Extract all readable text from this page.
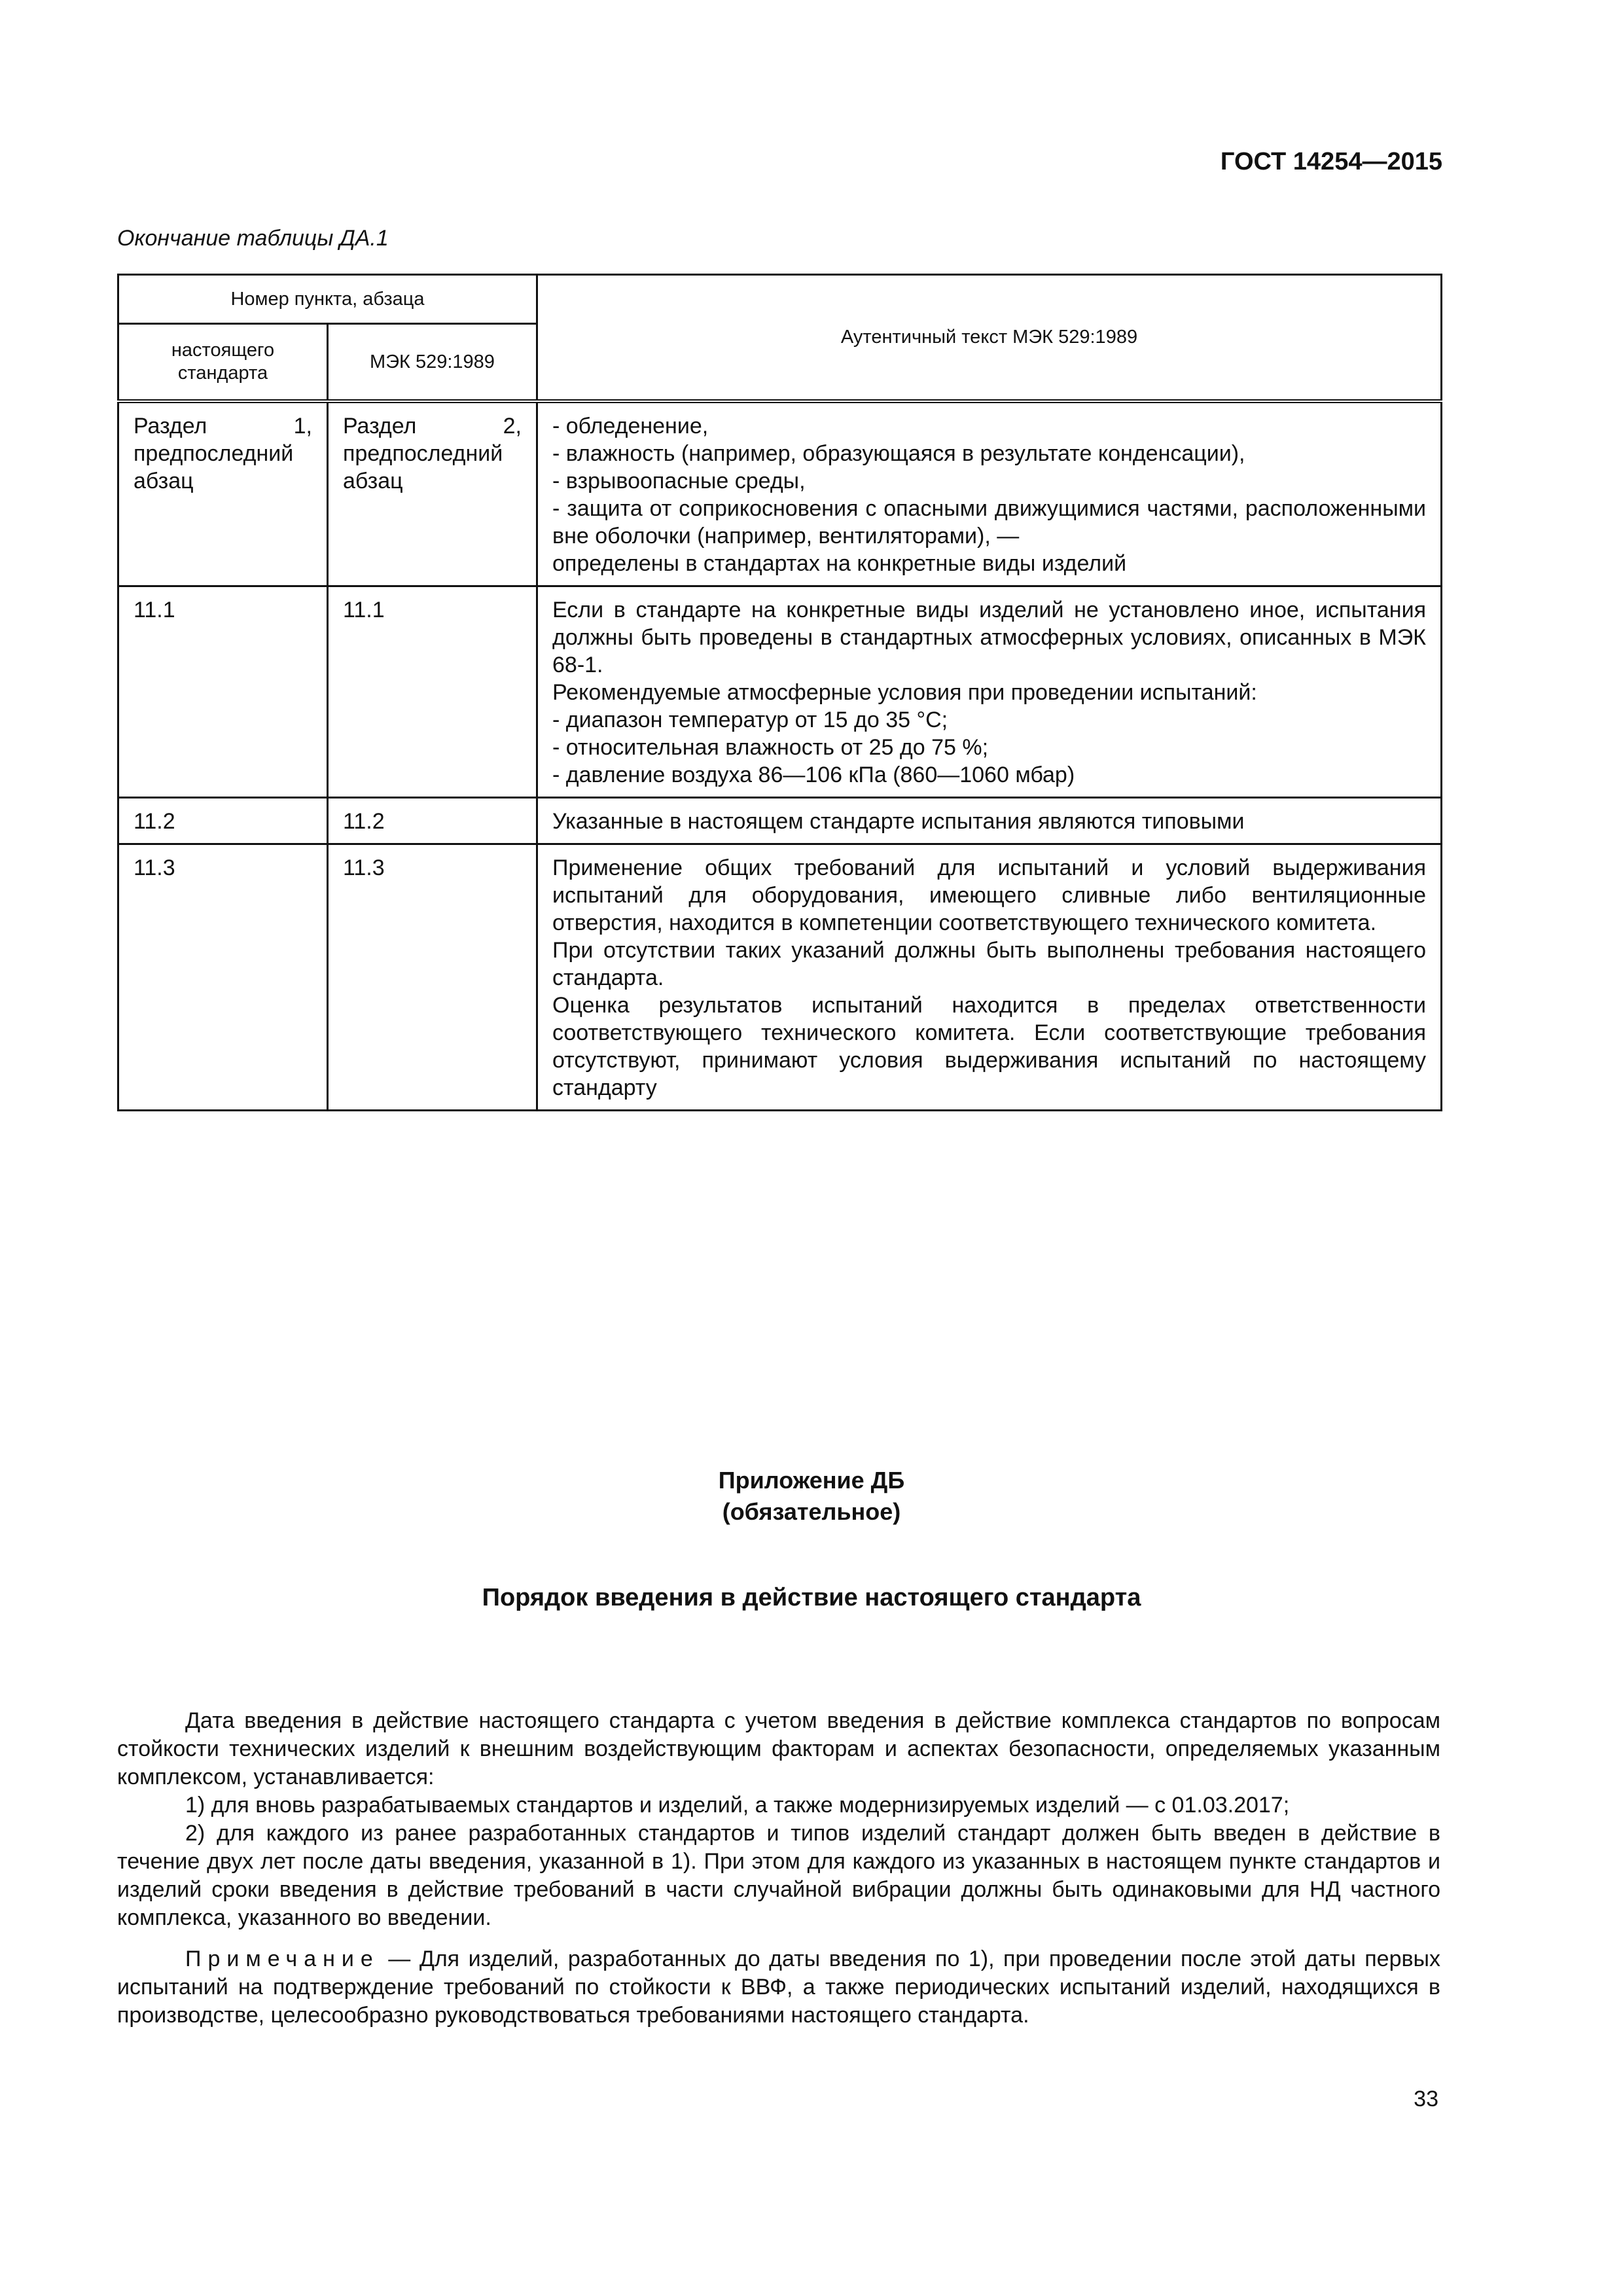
ГОСТ 14254—2015
Окончание таблицы ДА.1
Номер пункта, абзаца		Аутентичный текст МЭК 529:1989
настоящего стандарта	МЭК 529:1989	
Раздел 1, предпоследний абзац	Раздел 2, предпоследний абзац	- обледенение,
- влажность (например, образующаяся в результате конденсации),
- взрывоопасные среды,
- защита от соприкосновения с опасными движущимися частями, расположенными вне оболочки (например, вентиляторами), —
определены в стандартах на конкретные виды изделий

11.1	11.1	Если в стандарте на конкретные виды изделий не установлено иное, испытания должны быть проведены в стандартных атмосферных условиях, описанных в МЭК 68-1.
Рекомендуемые атмосферные условия при проведении испытаний:
- диапазон температур от 15 до 35 °С;
- относительная влажность от 25 до 75 %;
- давление воздуха 86—106 кПа (860—1060 мбар)

11.2	11.2	Указанные в настоящем стандарте испытания являются типовыми

11.3	11.3	Применение общих требований для испытаний и условий выдерживания испытаний для оборудования, имеющего сливные либо вентиляционные отверстия, находится в компетенции соответствующего технического комитета.
При отсутствии таких указаний должны быть выполнены требования настоящего стандарта.
Оценка результатов испытаний находится в пределах ответственности соответствующего технического комитета. Если соответствующие требования отсутствуют, принимают условия выдерживания испытаний по настоящему стандарту
Приложение ДБ
(обязательное)
Порядок введения в действие настоящего стандарта

Дата введения в действие настоящего стандарта с учетом введения в действие комплекса стандартов по вопросам стойкости технических изделий к внешним воздействующим факторам и аспектах безопасности, определяемых указанным комплексом, устанавливается:

1) для вновь разрабатываемых стандартов и изделий, а также модернизируемых изделий — с 01.03.2017;

2) для каждого из ранее разработанных стандартов и типов изделий стандарт должен быть введен в действие в течение двух лет после даты введения, указанной в 1). При этом для каждого из указанных в настоящем пункте стандартов и изделий сроки введения в действие требований в части случайной вибрации должны быть одинаковыми для НД частного комплекса, указанного во введении.

Примечание — Для изделий, разработанных до даты введения по 1), при проведении после этой даты первых испытаний на подтверждение требований по стойкости к ВВФ, а также периодических испытаний изделий, находящихся в производстве, целесообразно руководствоваться требованиями настоящего стандарта.

33
